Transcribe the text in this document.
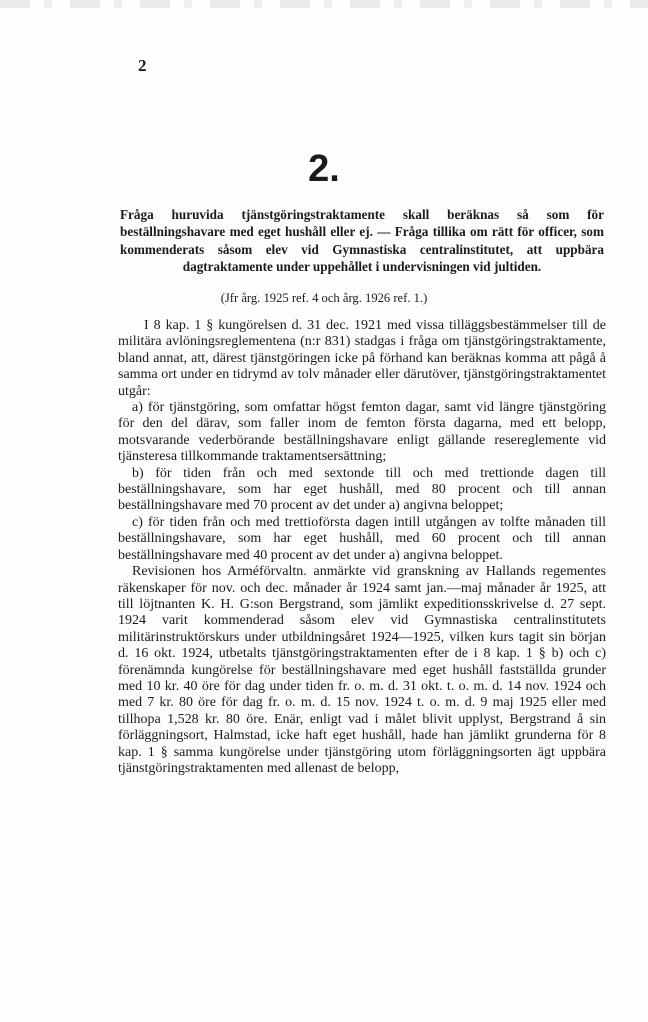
2
2.

Fråga huruvida tjänstgöringstraktamente skall beräknas så som för beställningshavare med eget hushåll eller ej. — Fråga tillika om rätt för officer, som kommenderats såsom elev vid Gymnastiska centralinstitutet, att uppbära dagtraktamente under uppehållet i undervisningen vid jultiden.

(Jfr årg. 1925 ref. 4 och årg. 1926 ref. 1.)

I 8 kap. 1 § kungörelsen d. 31 dec. 1921 med vissa tilläggsbestämmelser till de militära avlöningsreglementena (n:r 831) stadgas i fråga om tjänstgöringstraktamente, bland annat, att, därest tjänstgöringen icke på förhand kan beräknas komma att pågå å samma ort under en tidrymd av tolv månader eller därutöver, tjänstgöringstraktamentet utgår:

a) för tjänstgöring, som omfattar högst femton dagar, samt vid längre tjänstgöring för den del därav, som faller inom de femton första dagarna, med ett belopp, motsvarande vederbörande beställningshavare enligt gällande resereglemente vid tjänsteresa tillkommande traktamentsersättning;

b) för tiden från och med sextonde till och med trettionde dagen till beställningshavare, som har eget hushåll, med 80 procent och till annan beställningshavare med 70 procent av det under a) angivna beloppet;

c) för tiden från och med trettioförsta dagen intill utgången av tolfte månaden till beställningshavare, som har eget hushåll, med 60 procent och till annan beställningshavare med 40 procent av det under a) angivna beloppet.

Revisionen hos Arméförvaltn. anmärkte vid granskning av Hallands regementes räkenskaper för nov. och dec. månader år 1924 samt jan.—maj månader år 1925, att till löjtnanten K. H. G:son Bergstrand, som jämlikt expeditionsskrivelse d. 27 sept. 1924 varit kommenderad såsom elev vid Gymnastiska centralinstitutets militärinstruktörskurs under utbildningsåret 1924—1925, vilken kurs tagit sin början d. 16 okt. 1924, utbetalts tjänstgöringstraktamenten efter de i 8 kap. 1 § b) och c) förenämnda kungörelse för beställningshavare med eget hushåll fastställda grunder med 10 kr. 40 öre för dag under tiden fr. o. m. d. 31 okt. t. o. m. d. 14 nov. 1924 och med 7 kr. 80 öre för dag fr. o. m. d. 15 nov. 1924 t. o. m. d. 9 maj 1925 eller med tillhopa 1,528 kr. 80 öre. Enär, enligt vad i målet blivit upplyst, Bergstrand å sin förläggningsort, Halmstad, icke haft eget hushåll, hade han jämlikt grunderna för 8 kap. 1 § samma kungörelse under tjänstgöring utom förläggningsorten ägt uppbära tjänstgöringstraktamenten med allenast de belopp,
